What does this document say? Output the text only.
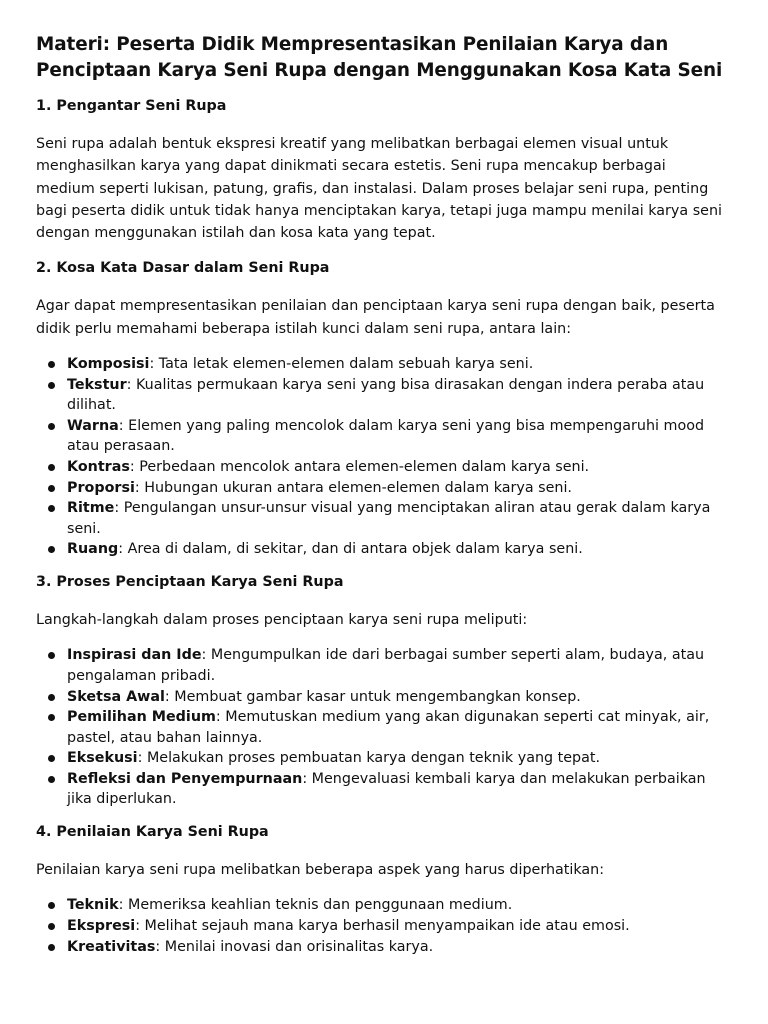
Materi: Peserta Didik Mempresentasikan Penilaian Karya dan Penciptaan Karya Seni Rupa dengan Menggunakan Kosa Kata Seni
1. Pengantar Seni Rupa

Seni rupa adalah bentuk ekspresi kreatif yang melibatkan berbagai elemen visual untuk menghasilkan karya yang dapat dinikmati secara estetis. Seni rupa mencakup berbagai medium seperti lukisan, patung, grafis, dan instalasi. Dalam proses belajar seni rupa, penting bagi peserta didik untuk tidak hanya menciptakan karya, tetapi juga mampu menilai karya seni dengan menggunakan istilah dan kosa kata yang tepat.

2. Kosa Kata Dasar dalam Seni Rupa

Agar dapat mempresentasikan penilaian dan penciptaan karya seni rupa dengan baik, peserta didik perlu memahami beberapa istilah kunci dalam seni rupa, antara lain:

Komposisi: Tata letak elemen-elemen dalam sebuah karya seni.
Tekstur: Kualitas permukaan karya seni yang bisa dirasakan dengan indera peraba atau dilihat.
Warna: Elemen yang paling mencolok dalam karya seni yang bisa mempengaruhi mood atau perasaan.
Kontras: Perbedaan mencolok antara elemen-elemen dalam karya seni.
Proporsi: Hubungan ukuran antara elemen-elemen dalam karya seni.
Ritme: Pengulangan unsur-unsur visual yang menciptakan aliran atau gerak dalam karya seni.
Ruang: Area di dalam, di sekitar, dan di antara objek dalam karya seni.
3. Proses Penciptaan Karya Seni Rupa

Langkah-langkah dalam proses penciptaan karya seni rupa meliputi:

Inspirasi dan Ide: Mengumpulkan ide dari berbagai sumber seperti alam, budaya, atau pengalaman pribadi.
Sketsa Awal: Membuat gambar kasar untuk mengembangkan konsep.
Pemilihan Medium: Memutuskan medium yang akan digunakan seperti cat minyak, air, pastel, atau bahan lainnya.
Eksekusi: Melakukan proses pembuatan karya dengan teknik yang tepat.
Refleksi dan Penyempurnaan: Mengevaluasi kembali karya dan melakukan perbaikan jika diperlukan.
4. Penilaian Karya Seni Rupa

Penilaian karya seni rupa melibatkan beberapa aspek yang harus diperhatikan:

Teknik: Memeriksa keahlian teknis dan penggunaan medium.
Ekspresi: Melihat sejauh mana karya berhasil menyampaikan ide atau emosi.
Kreativitas: Menilai inovasi dan orisinalitas karya.
